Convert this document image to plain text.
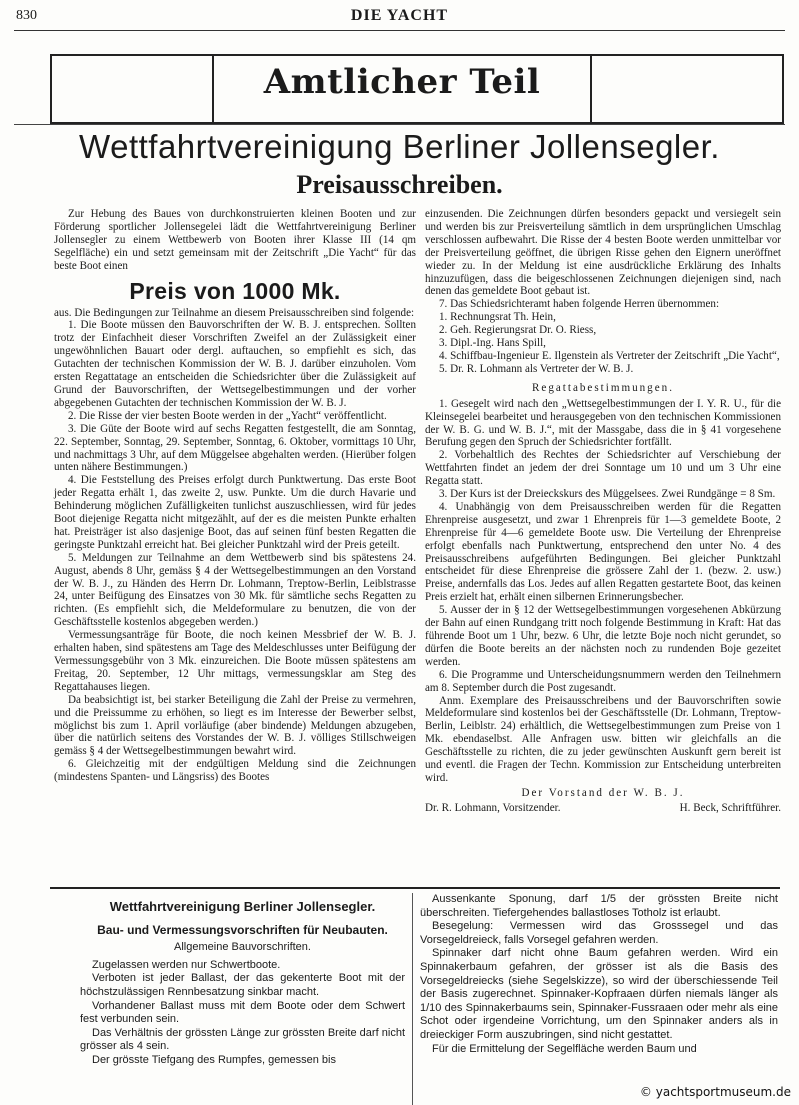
830	DIE YACHT
Amtlicher Teil
Wettfahrtvereinigung Berliner Jollensegler.
Preisausschreiben.

Zur Hebung des Baues von durchkonstruierten kleinen Booten und zur Förderung sportlicher Jollensegelei lädt die Wettfahrtvereinigung Berliner Jollensegler zu einem Wettbewerb von Booten ihrer Klasse III (14 qm Segelfläche) ein und setzt gemeinsam mit der Zeitschrift „Die Yacht“ für das beste Boot einen

Preis von 1000 Mk.

aus. Die Bedingungen zur Teilnahme an diesem Preisausschreiben sind folgende:

1. Die Boote müssen den Bauvorschriften der W. B. J. entsprechen. Sollten trotz der Einfachheit dieser Vorschriften Zweifel an der Zulässigkeit einer ungewöhnlichen Bauart oder dergl. auftauchen, so empfiehlt es sich, das Gutachten der technischen Kommission der W. B. J. darüber einzuholen. Vom ersten Regattatage an entscheiden die Schiedsrichter über die Zulässigkeit auf Grund der Bauvorschriften, der Wettsegelbestimmungen und der vorher abgegebenen Gutachten der technischen Kommission der W. B. J.

2. Die Risse der vier besten Boote werden in der „Yacht“ veröffentlicht.

3. Die Güte der Boote wird auf sechs Regatten festgestellt, die am Sonntag, 22. September, Sonntag, 29. September, Sonntag, 6. Oktober, vormittags 10 Uhr, und nachmittags 3 Uhr, auf dem Müggelsee abgehalten werden. (Hierüber folgen unten nähere Bestimmungen.)

4. Die Feststellung des Preises erfolgt durch Punktwertung. Das erste Boot jeder Regatta erhält 1, das zweite 2, usw. Punkte. Um die durch Havarie und Behinderung möglichen Zufälligkeiten tunlichst auszuschliessen, wird für jedes Boot diejenige Regatta nicht mitgezählt, auf der es die meisten Punkte erhalten hat. Preisträger ist also dasjenige Boot, das auf seinen fünf besten Regatten die geringste Punktzahl erreicht hat. Bei gleicher Punktzahl wird der Preis geteilt.

5. Meldungen zur Teilnahme an dem Wettbewerb sind bis spätestens 24. August, abends 8 Uhr, gemäss § 4 der Wettsegelbestimmungen an den Vorstand der W. B. J., zu Händen des Herrn Dr. Lohmann, Treptow-Berlin, Leiblstrasse 24, unter Beifügung des Einsatzes von 30 Mk. für sämtliche sechs Regatten zu richten. (Es empfiehlt sich, die Meldeformulare zu benutzen, die von der Geschäftsstelle kostenlos abgegeben werden.)

Vermessungsanträge für Boote, die noch keinen Messbrief der W. B. J. erhalten haben, sind spätestens am Tage des Meldeschlusses unter Beifügung der Vermessungsgebühr von 3 Mk. einzureichen. Die Boote müssen spätestens am Freitag, 20. September, 12 Uhr mittags, vermessungsklar am Steg des Regattahauses liegen.

Da beabsichtigt ist, bei starker Beteiligung die Zahl der Preise zu vermehren, und die Preissumme zu erhöhen, so liegt es im Interesse der Bewerber selbst, möglichst bis zum 1. April vorläufige (aber bindende) Meldungen abzugeben, über die natürlich seitens des Vorstandes der W. B. J. völliges Stillschweigen gemäss § 4 der Wettsegelbestimmungen bewahrt wird.

6. Gleichzeitig mit der endgültigen Meldung sind die Zeichnungen (mindestens Spanten- und Längsriss) des Bootes

einzusenden. Die Zeichnungen dürfen besonders gepackt und versiegelt sein und werden bis zur Preisverteilung sämtlich in dem ursprünglichen Umschlag verschlossen aufbewahrt. Die Risse der 4 besten Boote werden unmittelbar vor der Preisverteilung geöffnet, die übrigen Risse gehen den Eignern uneröffnet wieder zu. In der Meldung ist eine ausdrückliche Erklärung des Inhalts hinzuzufügen, dass die beigeschlossenen Zeichnungen diejenigen sind, nach denen das gemeldete Boot gebaut ist.

7. Das Schiedsrichteramt haben folgende Herren übernommen:

1. Rechnungsrat Th. Hein,
2. Geh. Regierungsrat Dr. O. Riess,
3. Dipl.-Ing. Hans Spill,
4. Schiffbau-Ingenieur E. Ilgenstein als Vertreter der Zeitschrift „Die Yacht“,
5. Dr. R. Lohmann als Vertreter der W. B. J.
Regattabestimmungen.

1. Gesegelt wird nach den „Wettsegelbestimmungen der I. Y. R. U., für die Kleinsegelei bearbeitet und herausgegeben von den technischen Kommissionen der W. B. G. und W. B. J.“, mit der Massgabe, dass die in § 41 vorgesehene Berufung gegen den Spruch der Schiedsrichter fortfällt.

2. Vorbehaltlich des Rechtes der Schiedsrichter auf Verschiebung der Wettfahrten findet an jedem der drei Sonntage um 10 und um 3 Uhr eine Regatta statt.

3. Der Kurs ist der Dreieckskurs des Müggelsees. Zwei Rundgänge = 8 Sm.

4. Unabhängig von dem Preisausschreiben werden für die Regatten Ehrenpreise ausgesetzt, und zwar 1 Ehrenpreis für 1—3 gemeldete Boote, 2 Ehrenpreise für 4—6 gemeldete Boote usw. Die Verteilung der Ehrenpreise erfolgt ebenfalls nach Punktwertung, entsprechend den unter No. 4 des Preisausschreibens aufgeführten Bedingungen. Bei gleicher Punktzahl entscheidet für diese Ehrenpreise die grössere Zahl der 1. (bezw. 2. usw.) Preise, andernfalls das Los. Jedes auf allen Regatten gestartete Boot, das keinen Preis erzielt hat, erhält einen silbernen Erinnerungsbecher.

5. Ausser der in § 12 der Wettsegelbestimmungen vorgesehenen Abkürzung der Bahn auf einen Rundgang tritt noch folgende Bestimmung in Kraft: Hat das führende Boot um 1 Uhr, bezw. 6 Uhr, die letzte Boje noch nicht gerundet, so dürfen die Boote bereits an der nächsten noch zu rundenden Boje gezeitet werden.

6. Die Programme und Unterscheidungsnummern werden den Teilnehmern am 8. September durch die Post zugesandt.

Anm. Exemplare des Preisausschreibens und der Bauvorschriften sowie Meldeformulare sind kostenlos bei der Geschäftsstelle (Dr. Lohmann, Treptow-Berlin, Leiblstr. 24) erhältlich, die Wettsegelbestimmungen zum Preise von 1 Mk. ebendaselbst. Alle Anfragen usw. bitten wir gleichfalls an die Geschäftsstelle zu richten, die zu jeder gewünschten Auskunft gern bereit ist und eventl. die Fragen der Techn. Kommission zur Entscheidung unterbreiten wird.

Der Vorstand der W. B. J.
Dr. R. Lohmann, Vorsitzender.	H. Beck, Schriftführer.
Wettfahrtvereinigung Berliner Jollensegler.
Bau- und Vermessungsvorschriften für Neubauten.
Allgemeine Bauvorschriften.

Zugelassen werden nur Schwertboote.

Verboten ist jeder Ballast, der das gekenterte Boot mit der höchstzulässigen Rennbesatzung sinkbar macht.

Vorhandener Ballast muss mit dem Boote oder dem Schwert fest verbunden sein.

Das Verhältnis der grössten Länge zur grössten Breite darf nicht grösser als 4 sein.

Der grösste Tiefgang des Rumpfes, gemessen bis

Aussenkante Sponung, darf 1/5 der grössten Breite nicht überschreiten. Tiefergehendes ballastloses Totholz ist erlaubt.

Besegelung: Vermessen wird das Grosssegel und das Vorsegeldreieck, falls Vorsegel gefahren werden.

Spinnaker darf nicht ohne Baum gefahren werden. Wird ein Spinnakerbaum gefahren, der grösser ist als die Basis des Vorsegeldreiecks (siehe Segelskizze), so wird der überschiessende Teil der Basis zugerechnet. Spinnaker-Kopfraaen dürfen niemals länger als 1/10 des Spinnakerbaums sein, Spinnaker-Fussraaen oder mehr als eine Schot oder irgendeine Vorrichtung, um den Spinnaker anders als in dreieckiger Form auszubringen, sind nicht gestattet.

Für die Ermittelung der Segelfläche werden Baum und

© yachtsportmuseum.de
